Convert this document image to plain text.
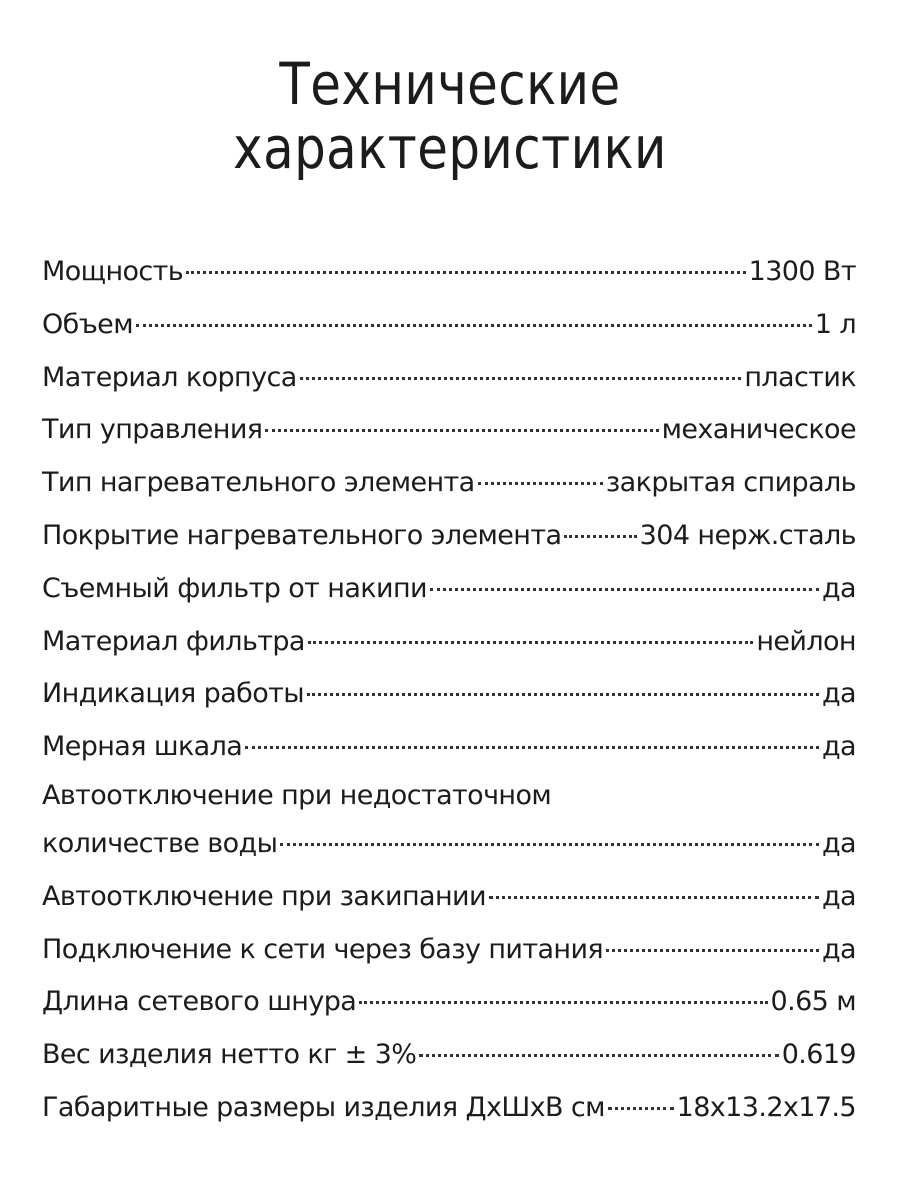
Технические
характеристики
Мощность	1300 Вт
Объем	1 л
Материал корпуса	пластик
Тип управления	механическое
Тип нагревательного элемента	закрытая спираль
Покрытие нагревательного элемента	304 нерж.сталь
Съемный фильтр от накипи	да
Материал фильтра	нейлон
Индикация работы	да
Мерная шкала	да
Автоотключение при недостаточном
количестве воды	да
Автоотключение при закипании	да
Подключение к сети через базу питания	да
Длина сетевого шнура	0.65 м
Вес изделия нетто кг ± 3%	0.619
Габаритные размеры изделия ДхШхВ см	18х13.2х17.5
